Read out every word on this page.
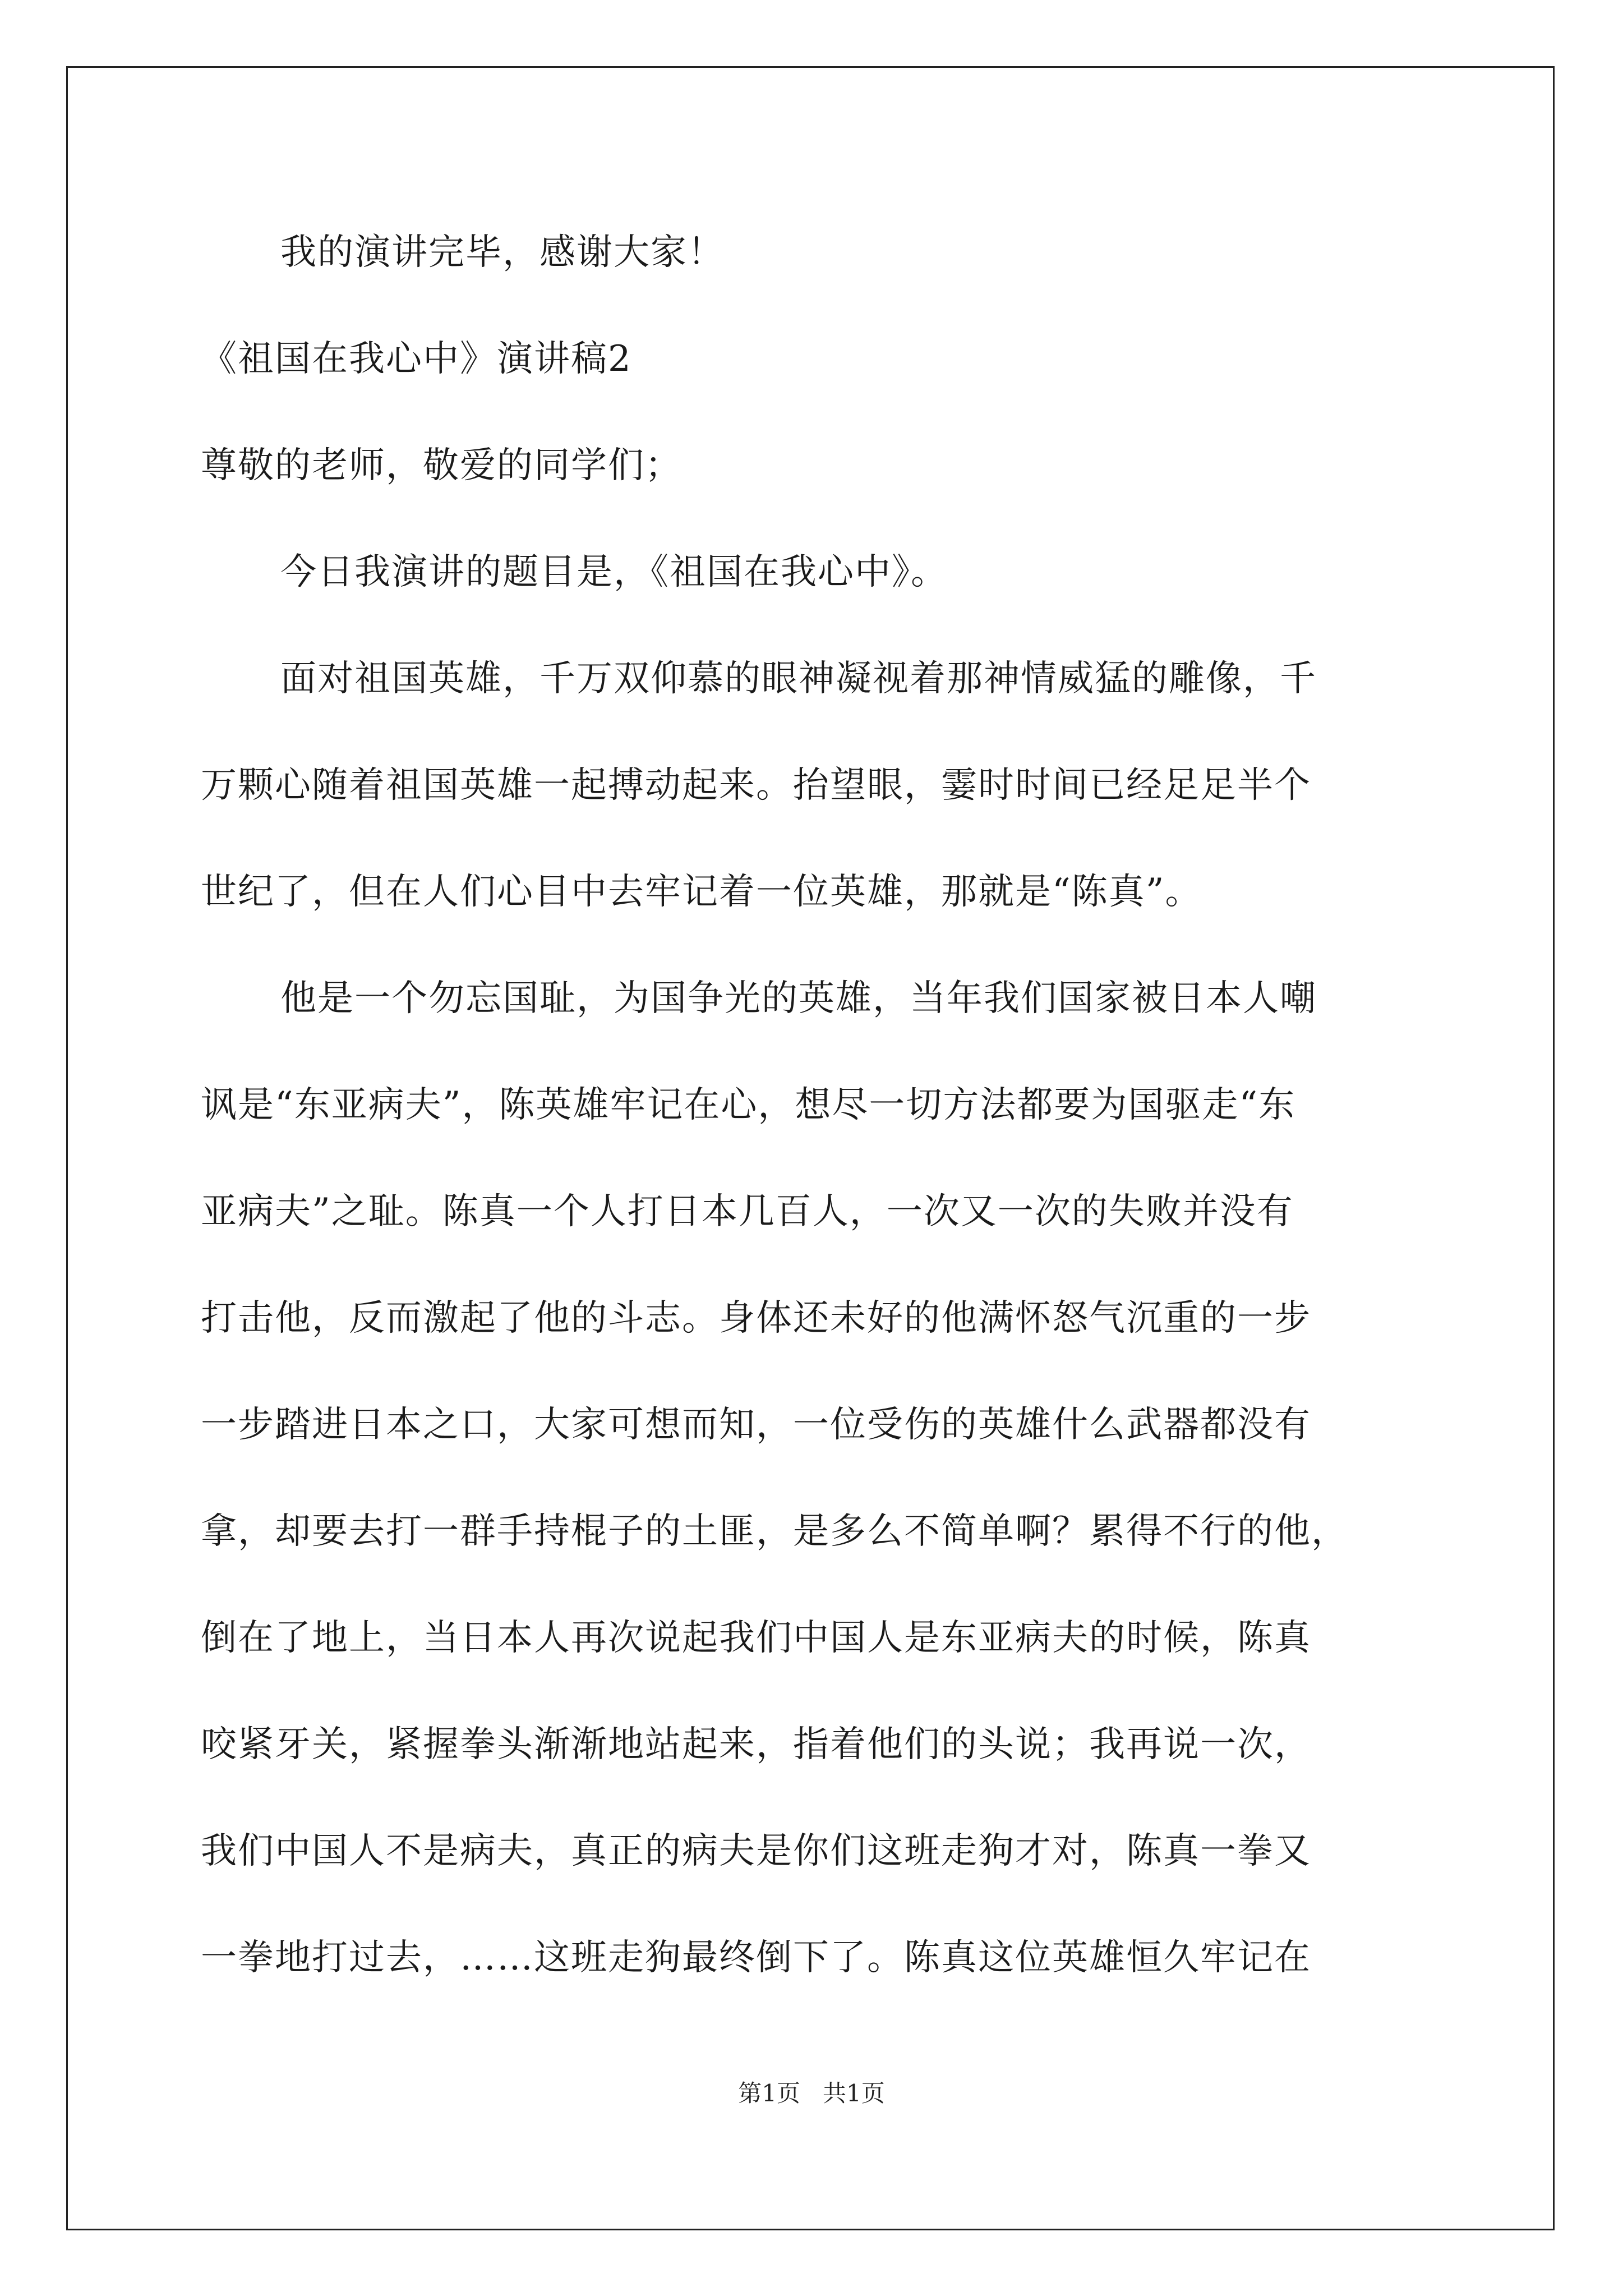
我的演讲完毕，感谢大家！
《祖国在我心中》演讲稿2
尊敬的老师，敬爱的同学们；
今日我演讲的题目是，《祖国在我心中》。
面对祖国英雄，千万双仰慕的眼神凝视着那神情威猛的雕像，千
万颗心随着祖国英雄一起搏动起来。抬望眼，霎时时间已经足足半个
世纪了，但在人们心目中去牢记着一位英雄，那就是“陈真”。
他是一个勿忘国耻，为国争光的英雄，当年我们国家被日本人嘲
讽是“东亚病夫”，陈英雄牢记在心，想尽一切方法都要为国驱走“东
亚病夫”之耻。陈真一个人打日本几百人，一次又一次的失败并没有
打击他，反而激起了他的斗志。身体还未好的他满怀怒气沉重的一步
一步踏进日本之口，大家可想而知，一位受伤的英雄什么武器都没有
拿，却要去打一群手持棍子的土匪，是多么不简单啊？累得不行的他，
倒在了地上，当日本人再次说起我们中国人是东亚病夫的时候，陈真
咬紧牙关，紧握拳头渐渐地站起来，指着他们的头说；我再说一次，
我们中国人不是病夫，真正的病夫是你们这班走狗才对，陈真一拳又
一拳地打过去，……这班走狗最终倒下了。陈真这位英雄恒久牢记在
第1页   共1页
